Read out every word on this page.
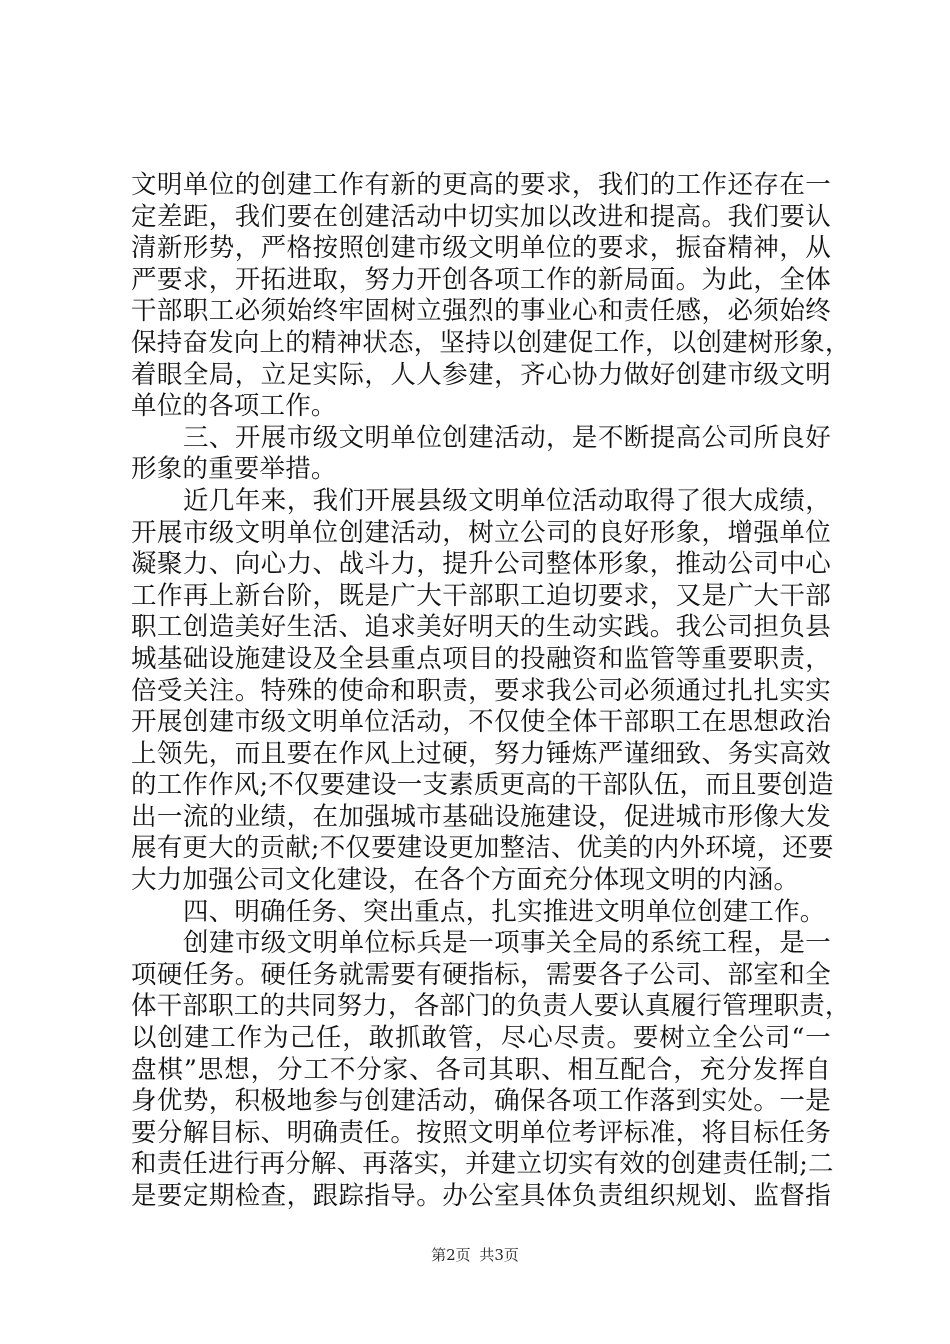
文明单位的创建工作有新的更高的要求，我们的工作还存在一
定差距，我们要在创建活动中切实加以改进和提高。我们要认
清新形势，严格按照创建市级文明单位的要求，振奋精神，从
严要求，开拓进取，努力开创各项工作的新局面。为此，全体
干部职工必须始终牢固树立强烈的事业心和责任感，必须始终
保持奋发向上的精神状态，坚持以创建促工作，以创建树形象，
着眼全局，立足实际，人人参建，齐心协力做好创建市级文明
单位的各项工作。
三、开展市级文明单位创建活动，是不断提高公司所良好
形象的重要举措。
近几年来，我们开展县级文明单位活动取得了很大成绩，
开展市级文明单位创建活动，树立公司的良好形象，增强单位
凝聚力、向心力、战斗力，提升公司整体形象，推动公司中心
工作再上新台阶，既是广大干部职工迫切要求，又是广大干部
职工创造美好生活、追求美好明天的生动实践。我公司担负县
城基础设施建设及全县重点项目的投融资和监管等重要职责，
倍受关注。特殊的使命和职责，要求我公司必须通过扎扎实实
开展创建市级文明单位活动，不仅使全体干部职工在思想政治
上领先，而且要在作风上过硬，努力锤炼严谨细致、务实高效
的工作作风;不仅要建设一支素质更高的干部队伍，而且要创造
出一流的业绩，在加强城市基础设施建设，促进城市形像大发
展有更大的贡献;不仅要建设更加整洁、优美的内外环境，还要
大力加强公司文化建设，在各个方面充分体现文明的内涵。
四、明确任务、突出重点，扎实推进文明单位创建工作。
创建市级文明单位标兵是一项事关全局的系统工程，是一
项硬任务。硬任务就需要有硬指标，需要各子公司、部室和全
体干部职工的共同努力，各部门的负责人要认真履行管理职责，
以创建工作为己任，敢抓敢管，尽心尽责。要树立全公司“一
盘棋”思想，分工不分家、各司其职、相互配合，充分发挥自
身优势，积极地参与创建活动，确保各项工作落到实处。一是
要分解目标、明确责任。按照文明单位考评标准，将目标任务
和责任进行再分解、再落实，并建立切实有效的创建责任制;二
是要定期检查，跟踪指导。办公室具体负责组织规划、监督指
第2页 共3页
